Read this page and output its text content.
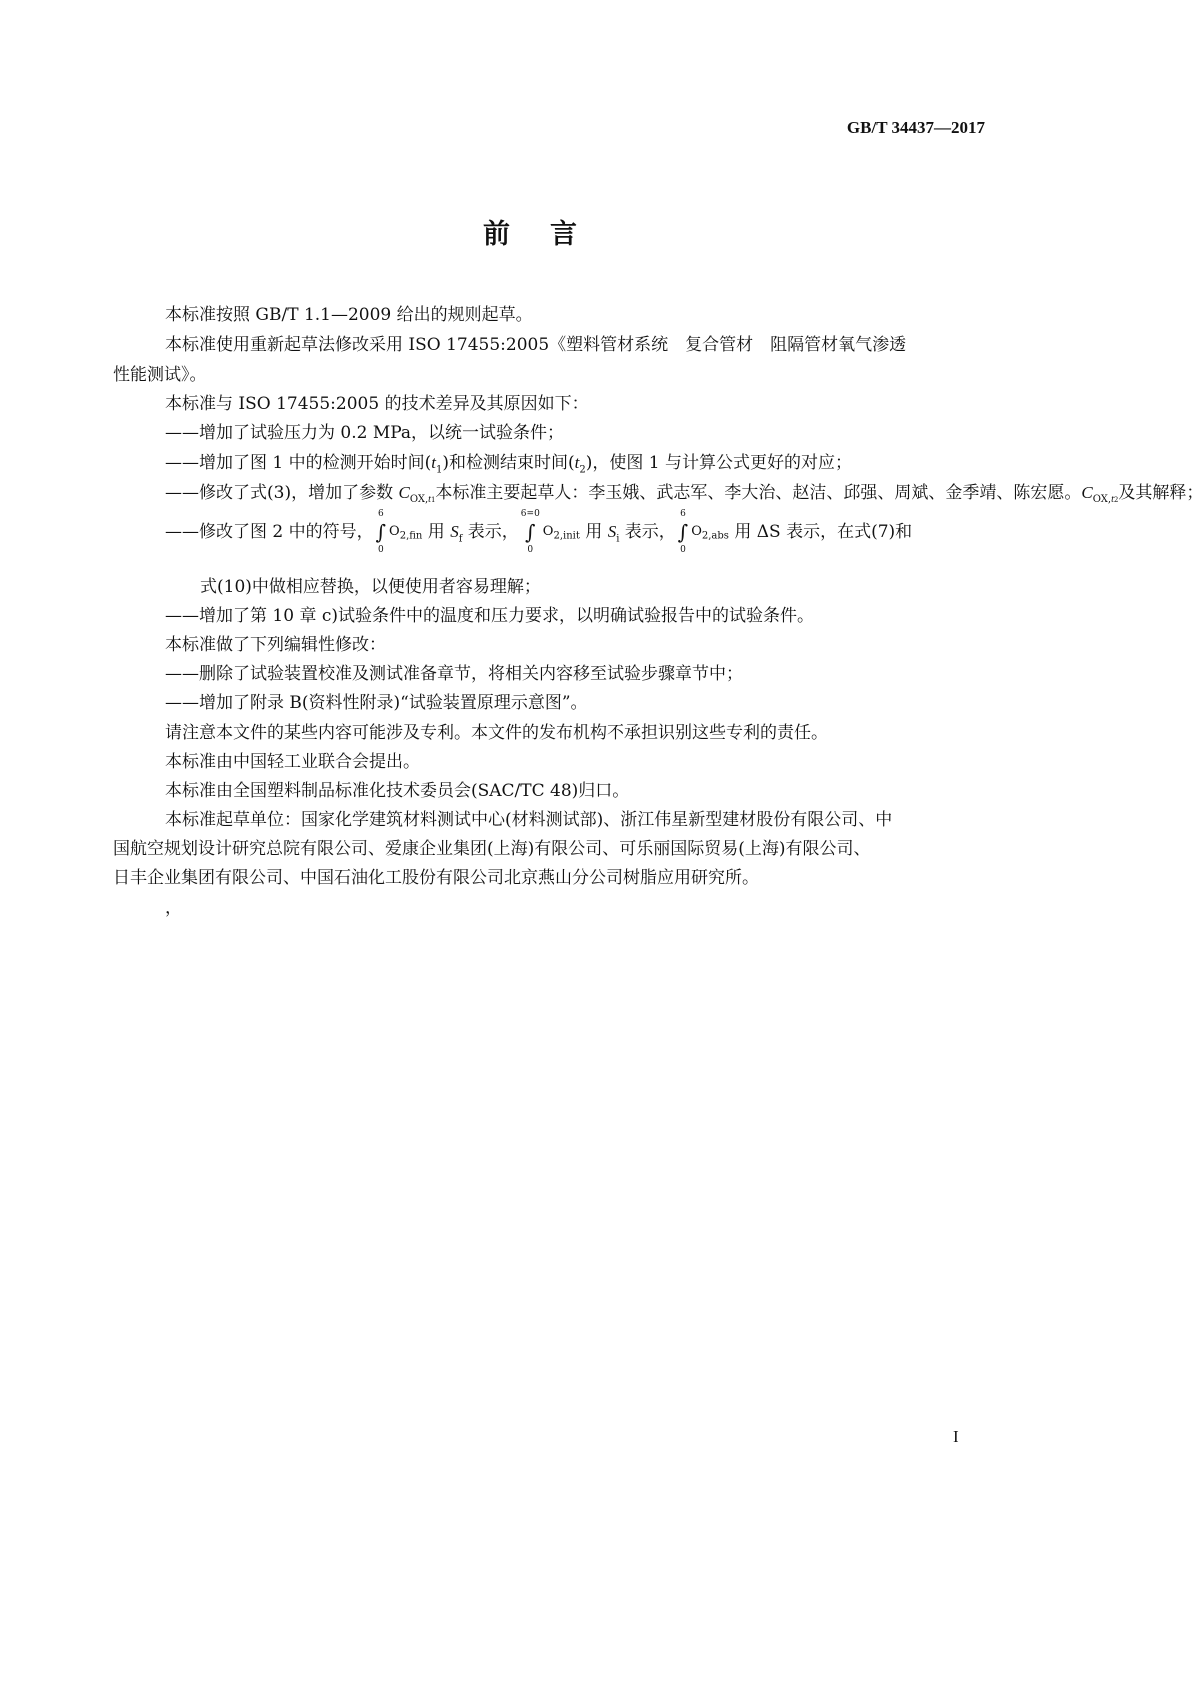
GB/T 34437—2017
前言
本标准按照 GB/T 1.1—2009 给出的规则起草。
本标准使用重新起草法修改采用 ISO 17455:2005《塑料管材系统　复合管材　阻隔管材氧气渗透
性能测试》。
本标准与 ISO 17455:2005 的技术差异及其原因如下：
——增加了试验压力为 0.2 MPa，以统一试验条件；
——增加了图 1 中的检测开始时间$(t_1)$和检测结束时间$(t_2)$，使图 1 与计算公式更好的对应；
——修改了式(3)，增加了参数 $C_{OX,t1}$本标准主要起草人：李玉娥、武志军、李大治、赵洁、邱强、周斌、金季靖、陈宏愿。$C_{OX,t2}$及其解释；
——修改了图 2 中的符号，
6
∫
0
$O_{2,fin}$ 用 $S_f$ 表示，
6=0
∫
0
$O_{2,init}$ 用 $S_i$ 表示，
6
∫
0
$O_{2,abs}$ 用 ΔS 表示，在式(7)和
式(10)中做相应替换，以便使用者容易理解；
——增加了第 10 章 c)试验条件中的温度和压力要求，以明确试验报告中的试验条件。
本标准做了下列编辑性修改：
——删除了试验装置校准及测试准备章节，将相关内容移至试验步骤章节中；
——增加了附录 B(资料性附录)“试验装置原理示意图”。
请注意本文件的某些内容可能涉及专利。本文件的发布机构不承担识别这些专利的责任。
本标准由中国轻工业联合会提出。
本标准由全国塑料制品标准化技术委员会(SAC/TC 48)归口。
本标准起草单位：国家化学建筑材料测试中心(材料测试部)、浙江伟星新型建材股份有限公司、中
国航空规划设计研究总院有限公司、爱康企业集团(上海)有限公司、可乐丽国际贸易(上海)有限公司、
日丰企业集团有限公司、中国石油化工股份有限公司北京燕山分公司树脂应用研究所。
，
I
